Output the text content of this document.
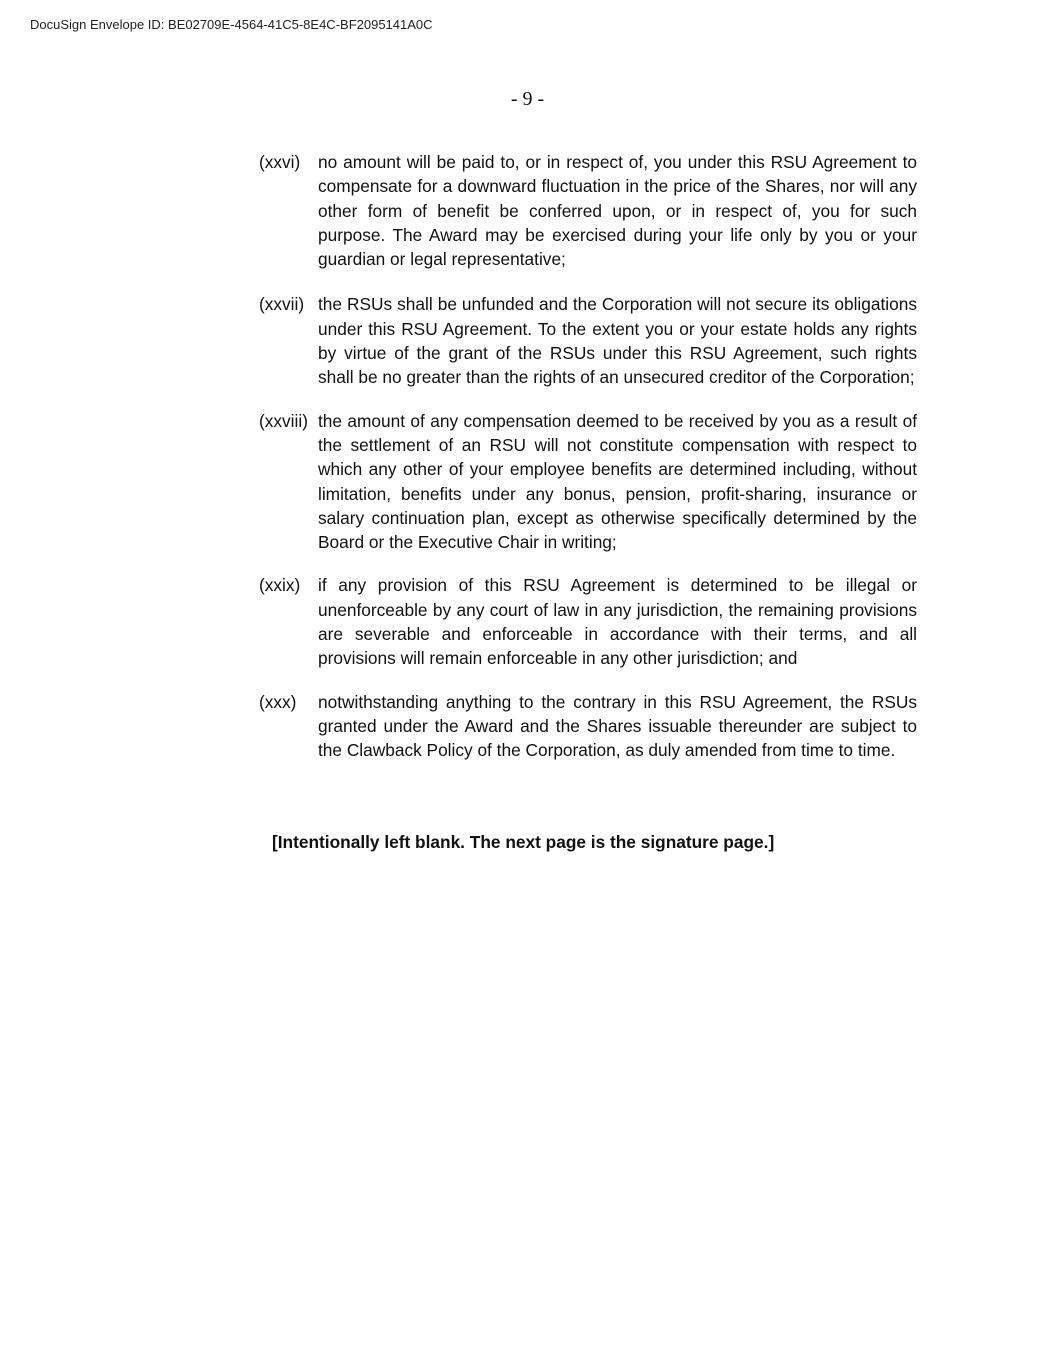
DocuSign Envelope ID: BE02709E-4564-41C5-8E4C-BF2095141A0C
- 9 -
(xxvi)	no amount will be paid to, or in respect of, you under this RSU Agreement to compensate for a downward fluctuation in the price of the Shares, nor will any other form of benefit be conferred upon, or in respect of, you for such purpose. The Award may be exercised during your life only by you or your guardian or legal representative;
(xxvii) the RSUs shall be unfunded and the Corporation will not secure its obligations under this RSU Agreement. To the extent you or your estate holds any rights by virtue of the grant of the RSUs under this RSU Agreement, such rights shall be no greater than the rights of an unsecured creditor of the Corporation;
(xxviii) the amount of any compensation deemed to be received by you as a result of the settlement of an RSU will not constitute compensation with respect to which any other of your employee benefits are determined including, without limitation, benefits under any bonus, pension, profit-sharing, insurance or salary continuation plan, except as otherwise specifically determined by the Board or the Executive Chair in writing;
(xxix)	if any provision of this RSU Agreement is determined to be illegal or unenforceable by any court of law in any jurisdiction, the remaining provisions are severable and enforceable in accordance with their terms, and all provisions will remain enforceable in any other jurisdiction; and
(xxx)	notwithstanding anything to the contrary in this RSU Agreement, the RSUs granted under the Award and the Shares issuable thereunder are subject to the Clawback Policy of the Corporation, as duly amended from time to time.
[Intentionally left blank. The next page is the signature page.]
